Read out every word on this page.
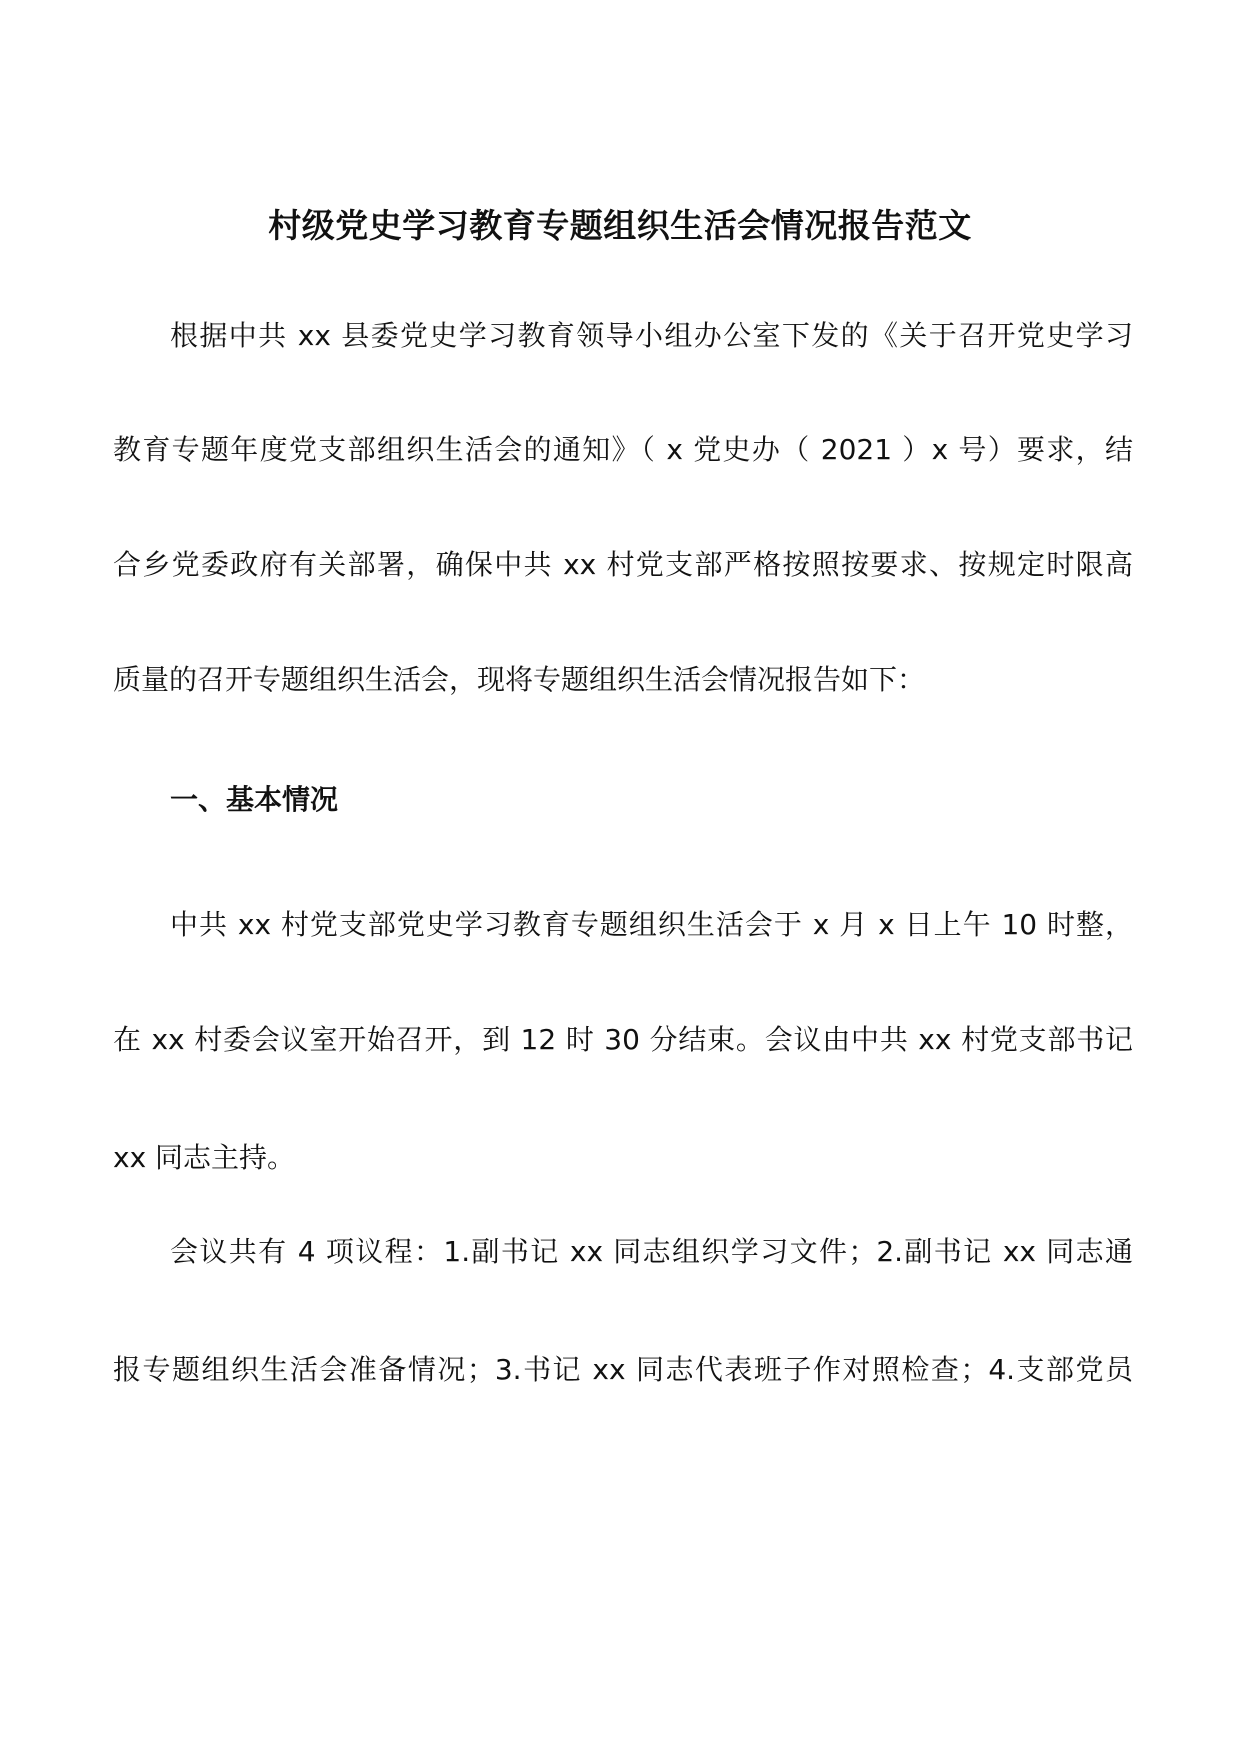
村级党史学习教育专题组织生活会情况报告范文
根据中共 xx 县委党史学习教育领导小组办公室下发的《关于召开党史学习
教育专题年度党支部组织生活会的通知》（ x 党史办（ 2021 ）x 号）要求，结
合乡党委政府有关部署，确保中共 xx 村党支部严格按照按要求、按规定时限高
质量的召开专题组织生活会，现将专题组织生活会情况报告如下：
一、基本情况
中共 xx 村党支部党史学习教育专题组织生活会于 x 月 x 日上午 10 时整，
在 xx 村委会议室开始召开，到 12 时 30 分结束。会议由中共 xx 村党支部书记
xx 同志主持。
会议共有 4 项议程：1.副书记 xx 同志组织学习文件；2.副书记 xx 同志通
报专题组织生活会准备情况；3.书记 xx 同志代表班子作对照检查；4.支部党员
